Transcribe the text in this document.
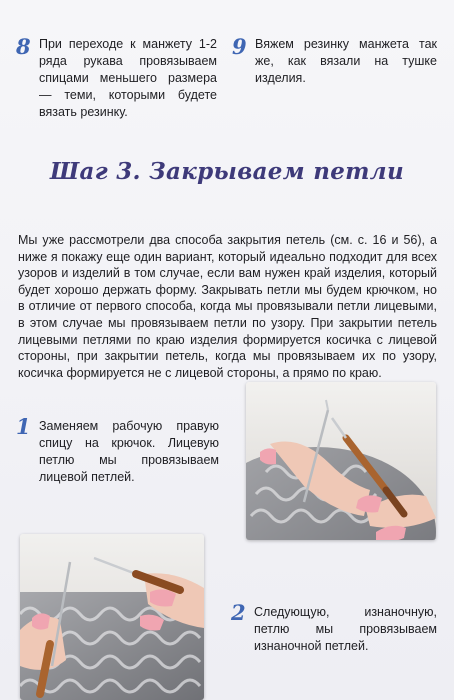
8 При переходе к манжету 1-2 ряда рукава провязываем спицами меньшего размера — теми, которыми будете вязать резинку.
9 Вяжем резинку манжета так же, как вязали на тушке изделия.
Шаг 3. Закрываем петли
Мы уже рассмотрели два способа закрытия петель (см. с. 16 и 56), а ниже я покажу еще один вариант, который идеально подходит для всех узоров и изделий в том случае, если вам нужен край изделия, который будет хорошо держать форму. Закрывать петли мы будем крючком, но в отличие от первого способа, когда мы провязывали петли лицевыми, в этом случае мы провязываем петли по узору. При закрытии петель лицевыми петлями по краю изделия формируется косичка с лицевой стороны, при закрытии петель, когда мы провязываем их по узору, косичка формируется не с лицевой стороны, а прямо по краю.
1 Заменяем рабочую правую спицу на крючок. Лицевую петлю мы провязываем лицевой петлей.
2 Следующую, изнаночную, петлю мы провязываем изнаночной петлей.
